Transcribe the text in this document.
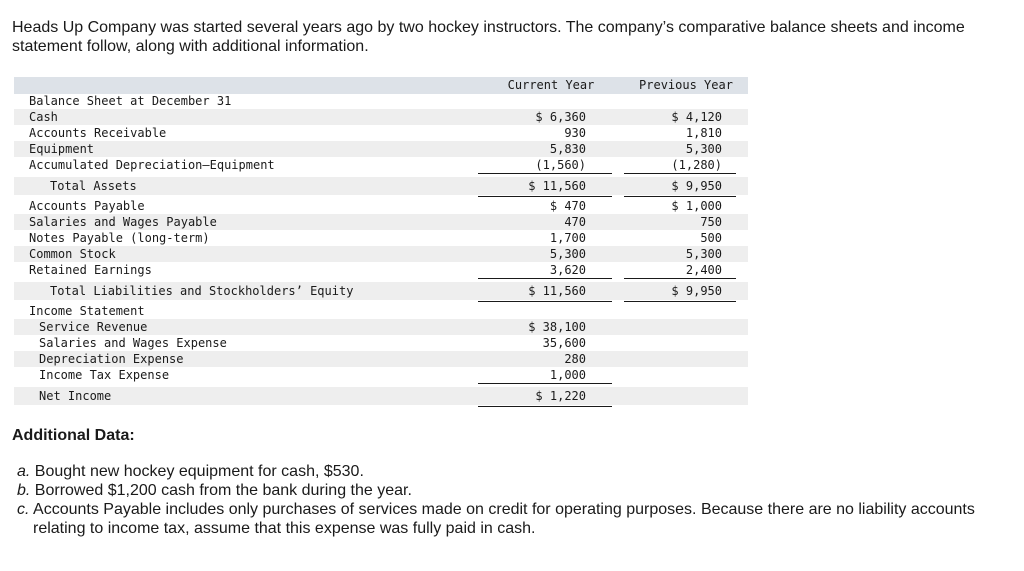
Heads Up Company was started several years ago by two hockey instructors. The company’s comparative balance sheets and income statement follow, along with additional information.
Current Year	Previous Year
Balance Sheet at December 31
Cash	$ 6,360	$ 4,120
Accounts Receivable	930	1,810
Equipment	5,830	5,300
Accumulated Depreciation—Equipment	(1,560)	(1,280)
Total Assets	$ 11,560	$ 9,950
Accounts Payable	$ 470	$ 1,000
Salaries and Wages Payable	470	750
Notes Payable (long-term)	1,700	500
Common Stock	5,300	5,300
Retained Earnings	3,620	2,400
Total Liabilities and Stockholders’ Equity	$ 11,560	$ 9,950
Income Statement
Service Revenue	$ 38,100
Salaries and Wages Expense	35,600
Depreciation Expense	280
Income Tax Expense	1,000
Net Income	$ 1,220
Additional Data:
a. Bought new hockey equipment for cash, $530.
b. Borrowed $1,200 cash from the bank during the year.
c. Accounts Payable includes only purchases of services made on credit for operating purposes. Because there are no liability accounts relating to income tax, assume that this expense was fully paid in cash.
